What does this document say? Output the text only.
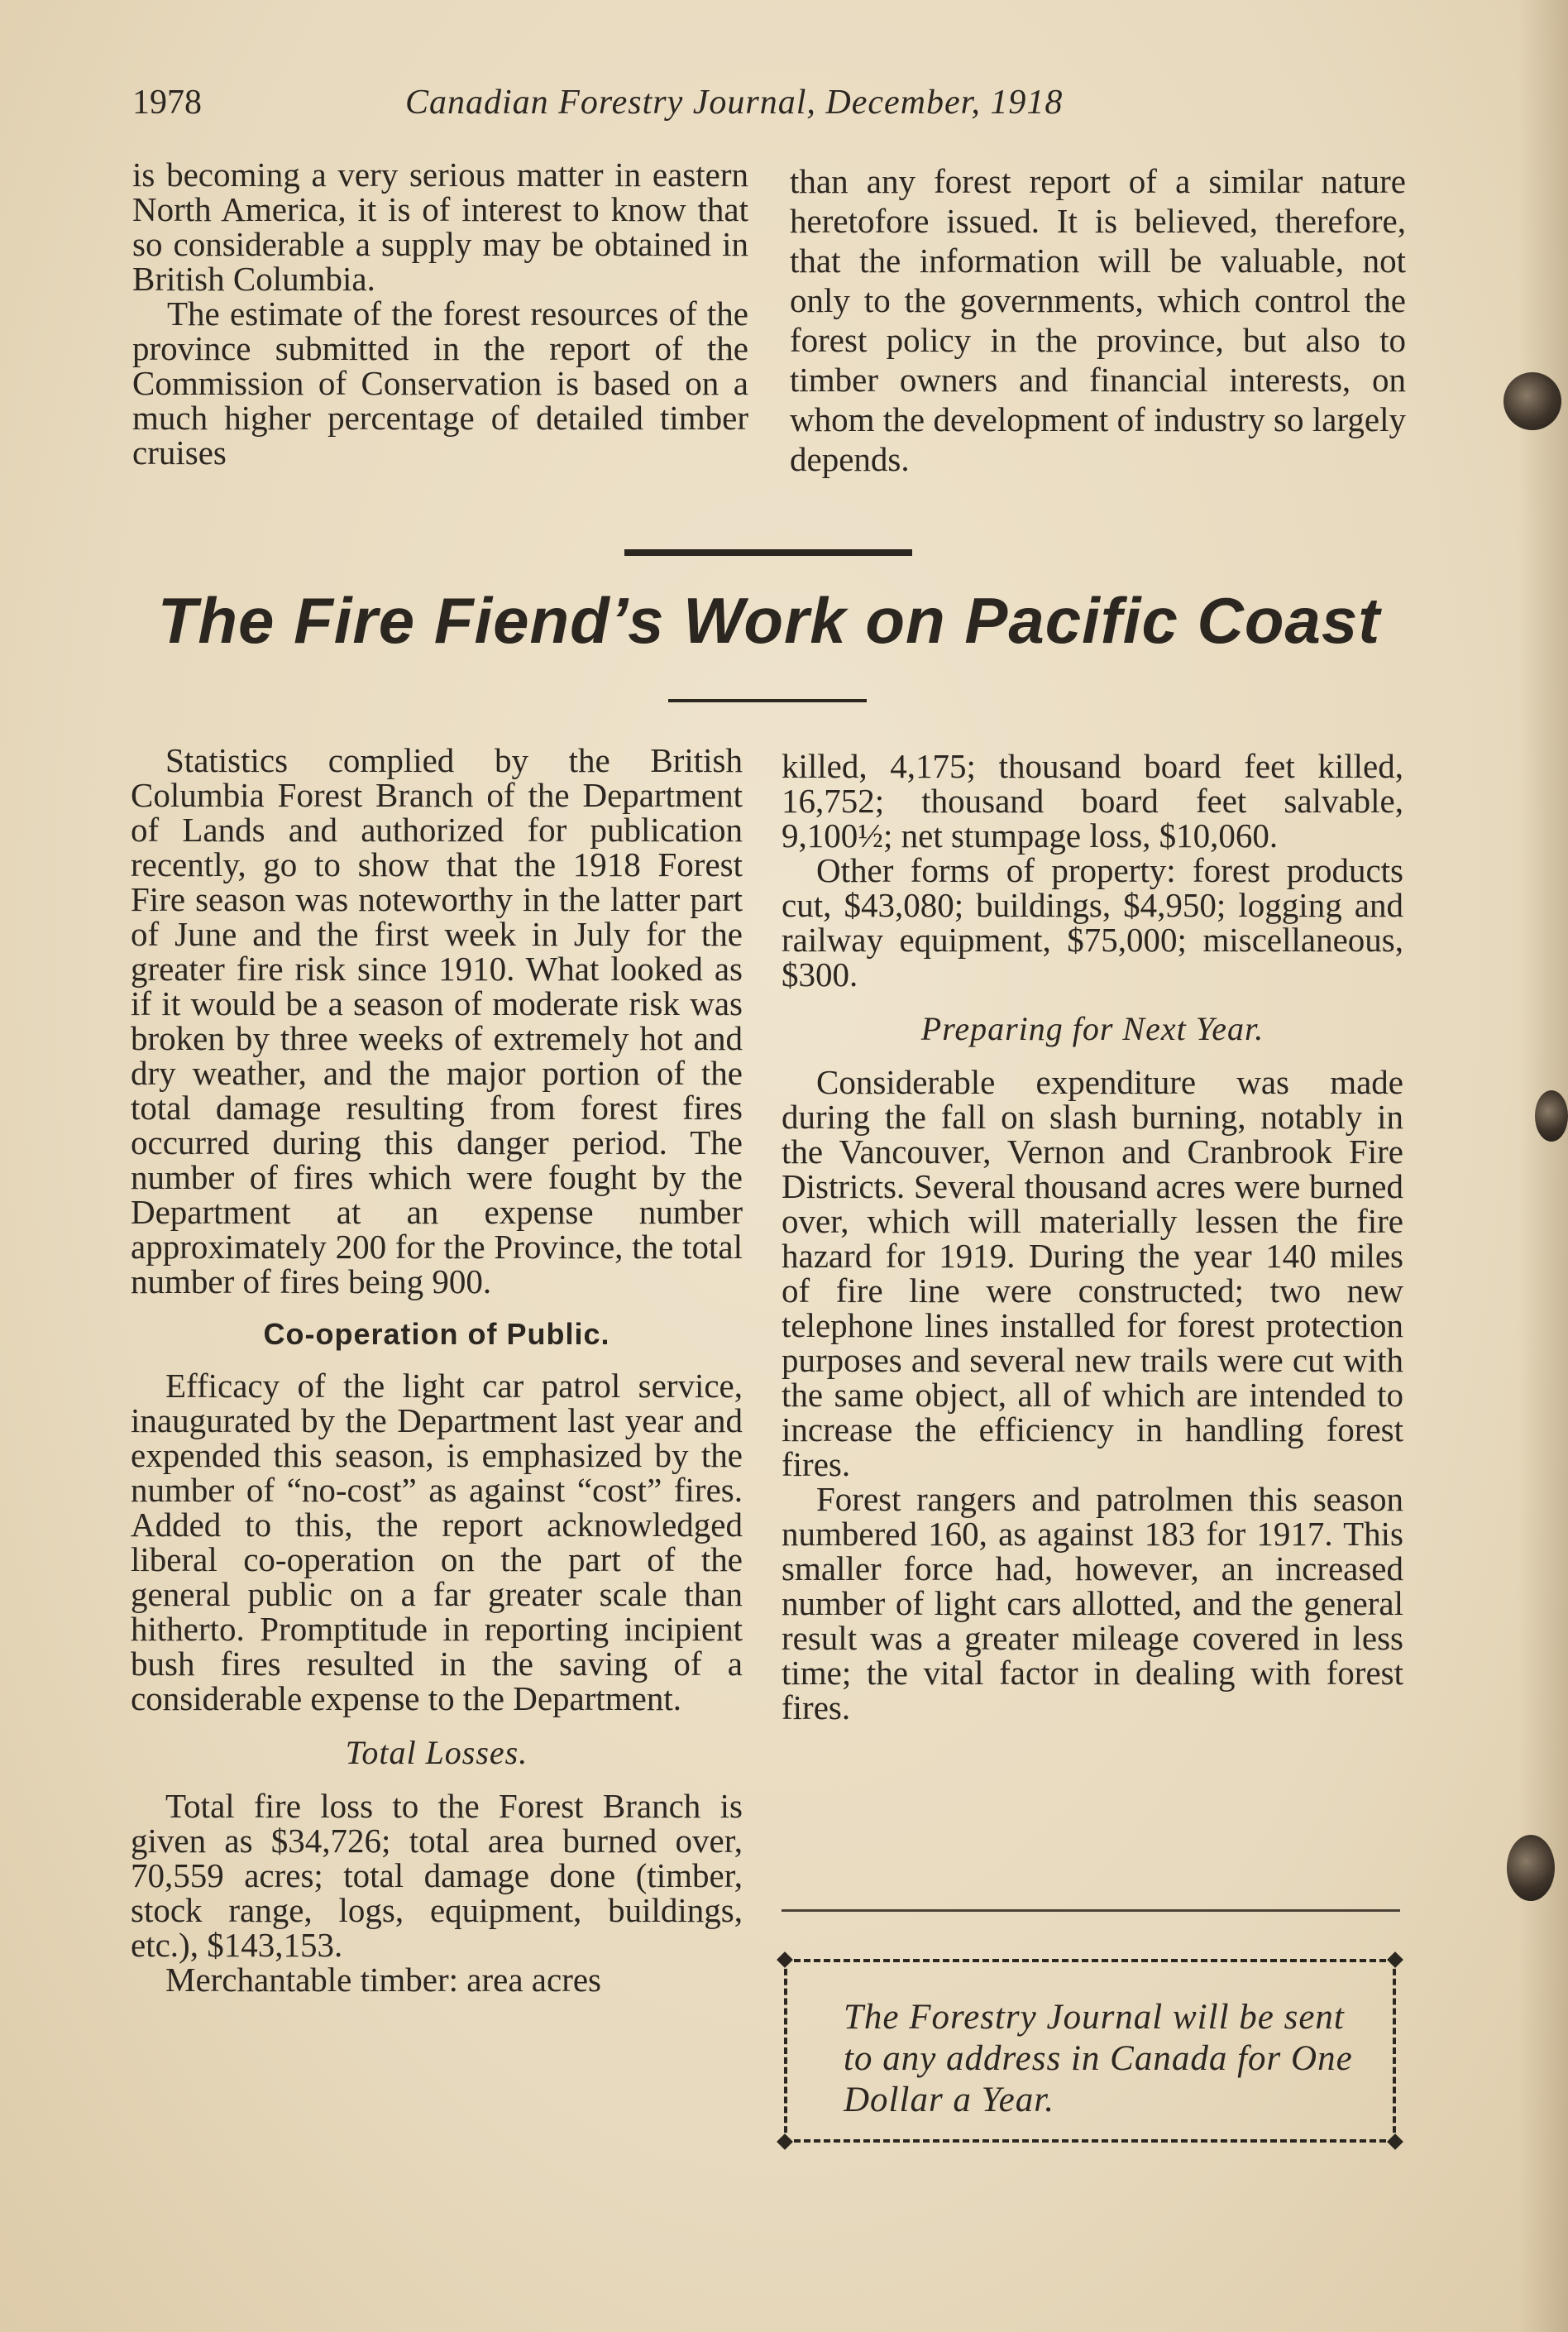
1978	Canadian Forestry Journal, December, 1918

is becoming a very serious matter in eastern North America, it is of interest to know that so considerable a supply may be obtained in British Columbia.

The estimate of the forest resources of the province submitted in the report of the Commission of Conservation is based on a much higher percentage of detailed timber cruises

than any forest report of a similar nature heretofore issued. It is believed, therefore, that the information will be valuable, not only to the governments, which control the forest policy in the province, but also to timber owners and financial interests, on whom the development of industry so largely depends.

The Fire Fiend’s Work on Pacific Coast

Statistics complied by the British Columbia Forest Branch of the Department of Lands and authorized for publication recently, go to show that the 1918 Forest Fire season was noteworthy in the latter part of June and the first week in July for the greater fire risk since 1910. What looked as if it would be a season of moderate risk was broken by three weeks of extremely hot and dry weather, and the major portion of the total damage resulting from forest fires occurred during this danger period. The number of fires which were fought by the Department at an expense number approximately 200 for the Province, the total number of fires being 900.

Co-operation of Public.

Efficacy of the light car patrol service, inaugurated by the Department last year and expended this season, is emphasized by the number of “no-cost” as against “cost” fires. Added to this, the report acknowledged liberal co-operation on the part of the general public on a far greater scale than hitherto. Promptitude in reporting incipient bush fires resulted in the saving of a considerable expense to the Department.

Total Losses.

Total fire loss to the Forest Branch is given as $34,726; total area burned over, 70,559 acres; total damage done (timber, stock range, logs, equipment, buildings, etc.), $143,153.

Merchantable timber: area acres

killed, 4,175; thousand board feet killed, 16,752; thousand board feet salvable, 9,100½; net stumpage loss, $10,060.

Other forms of property: forest products cut, $43,080; buildings, $4,950; logging and railway equipment, $75,000; miscellaneous, $300.

Preparing for Next Year.

Considerable expenditure was made during the fall on slash burning, notably in the Vancouver, Vernon and Cranbrook Fire Districts. Several thousand acres were burned over, which will materially lessen the fire hazard for 1919. During the year 140 miles of fire line were constructed; two new telephone lines installed for forest protection purposes and several new trails were cut with the same object, all of which are intended to increase the efficiency in handling forest fires.

Forest rangers and patrolmen this season numbered 160, as against 183 for 1917. This smaller force had, however, an increased number of light cars allotted, and the general result was a greater mileage covered in less time; the vital factor in dealing with forest fires.

The Forestry Journal will be sent to any address in Canada for One Dollar a Year.
